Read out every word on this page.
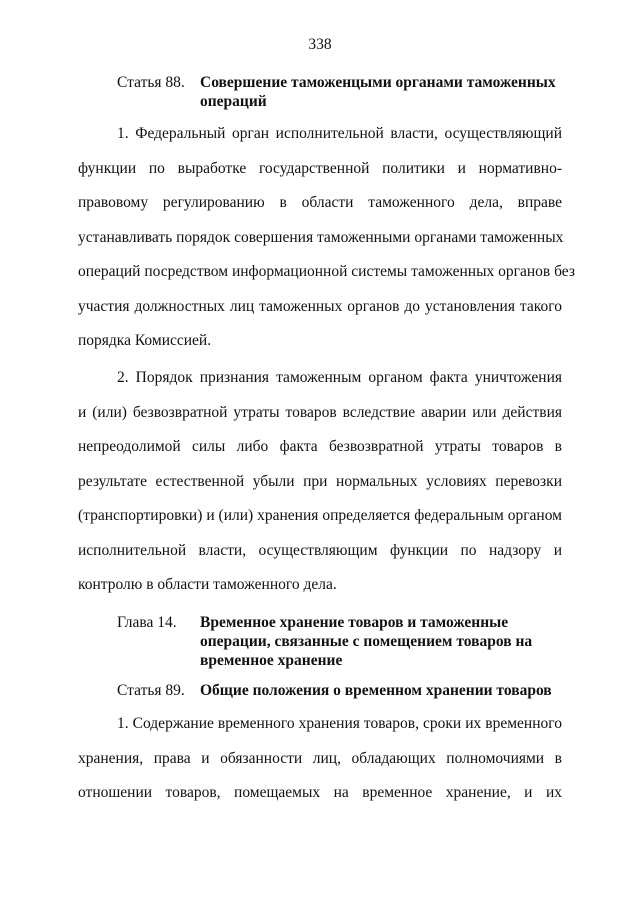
338
Статья 88. Совершение таможенцыми органами таможенных операций
1. Федеральный орган исполнительной власти, осуществляющий
функции по выработке государственной политики и нормативно-
правовому регулированию в области таможенного дела, вправе
устанавливать порядок совершения таможенными органами таможенных
операций посредством информационной системы таможенных органов без
участия должностных лиц таможенных органов до установления такого
порядка Комиссией.
2. Порядок признания таможенным органом факта уничтожения
и (или) безвозвратной утраты товаров вследствие аварии или действия
непреодолимой силы либо факта безвозвратной утраты товаров в
результате естественной убыли при нормальных условиях перевозки
(транспортировки) и (или) хранения определяется федеральным органом
исполнительной власти, осуществляющим функции по надзору и
контролю в области таможенного дела.
Глава 14. Временное хранение товаров и таможенные операции, связанные с помещением товаров на временное хранение
Статья 89. Общие положения о временном хранении товаров
1. Содержание временного хранения товаров, сроки их временного
хранения, права и обязанности лиц, обладающих полномочиями в
отношении товаров, помещаемых на временное хранение, и их
